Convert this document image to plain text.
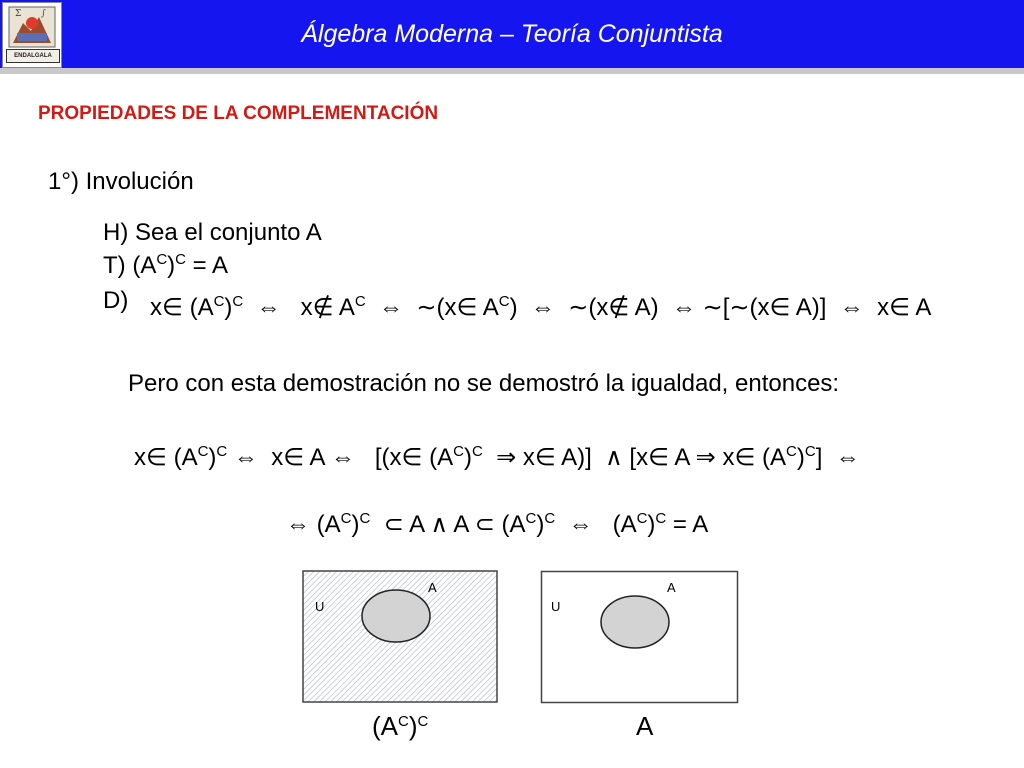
Σ ∫
ENDALGALA
Álgebra Moderna – Teoría Conjuntista
PROPIEDADES DE LA COMPLEMENTACIÓN
1°) Involución
H) Sea el conjunto A
T) $(A^C)^C = A$
D) x∈ $(A^C)^C$  ⇔   x∉ $A^C$  ⇔  ∼(x∈ $A^C$)  ⇔  ∼(x∉ A)  ⇔ ∼[∼(x∈ A)]  ⇔  x∈ A
Pero con esta demostración no se demostró la igualdad, entonces:
x∈ $(A^C)^C$ ⇔  x∈ A ⇔   [(x∈ $(A^C)^C$  ⇒ x∈ A)]  ∧ [x∈ A ⇒ x∈ $(A^C)^C$]  ⇔
⇔ $(A^C)^C$  ⊂ A ∧ A ⊂ $(A^C)^C$  ⇔   $(A^C)^C = A$
U
A
U
A
$(A^C)^C$	A
